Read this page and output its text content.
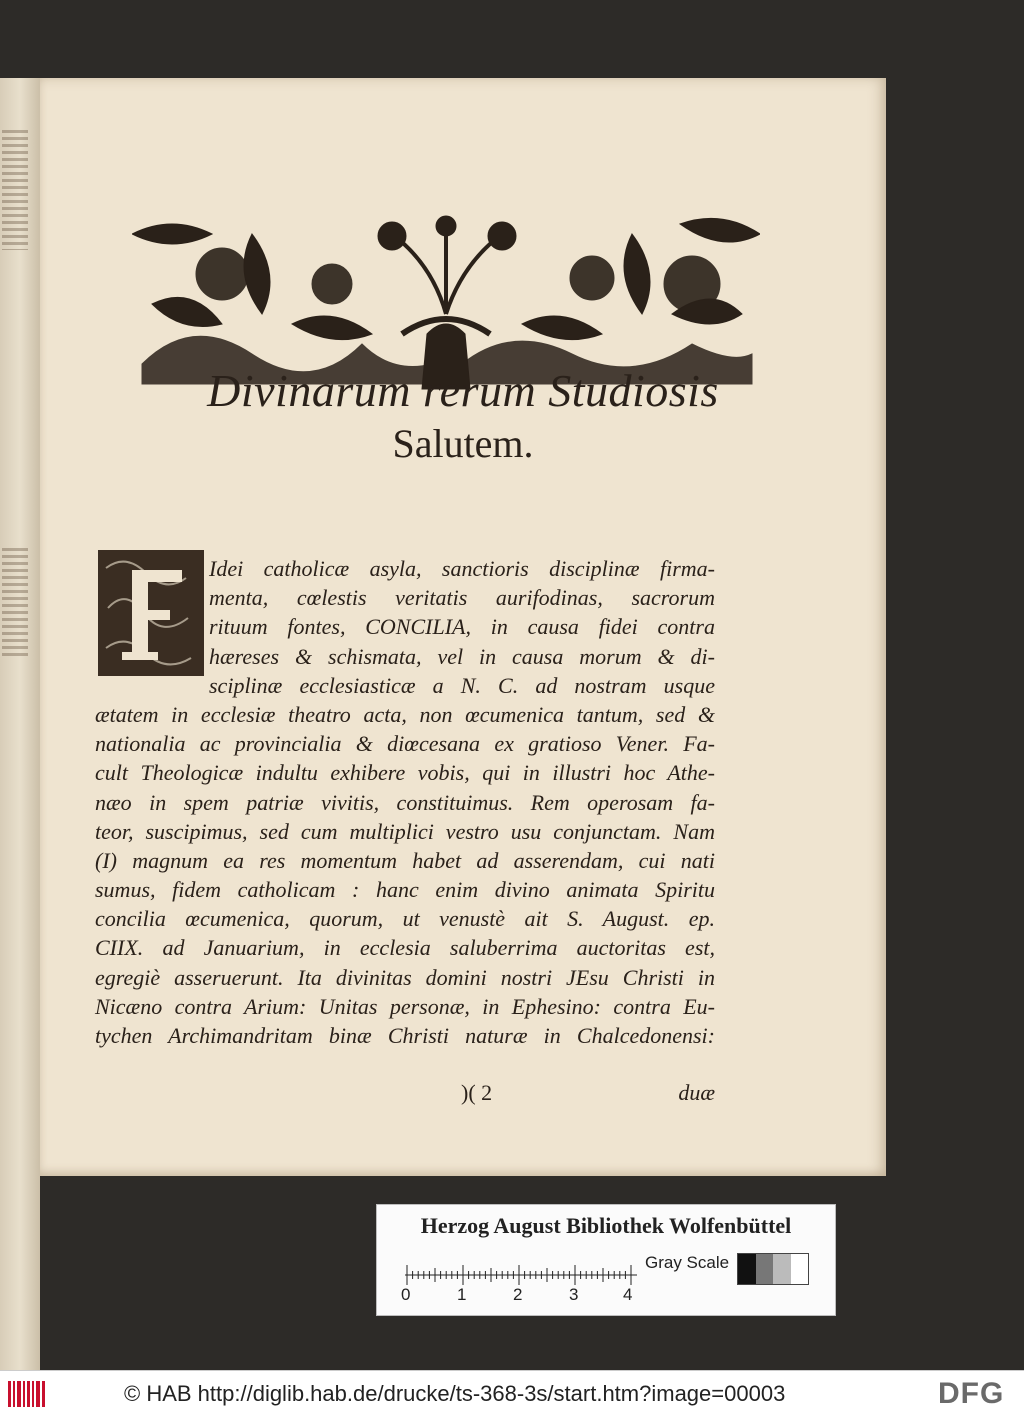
Divinarum rerum Studiosis
Salutem.
Idei catholicæ asyla, sanctioris disciplinæ firma-
menta, cœlestis veritatis aurifodinas, sacrorum
rituum fontes, CONCILIA, in causa fidei contra
hæreses & schismata, vel in causa morum & di-
sciplinæ ecclesiasticæ a N. C. ad nostram usque
ætatem in ecclesiæ theatro acta, non œcumenica tantum, sed &
nationalia ac provincialia & diœcesana ex gratioso Vener. Fa-
cult Theologicæ indultu exhibere vobis, qui in illustri hoc Athe-
næo in spem patriæ vivitis, constituimus. Rem operosam fa-
teor, suscipimus, sed cum multiplici vestro usu conjunctam. Nam
(I) magnum ea res momentum habet ad asserendam, cui nati
sumus, fidem catholicam : hanc enim divino animata Spiritu
concilia œcumenica, quorum, ut venustè ait S. August. ep.
CIIX. ad Januarium, in ecclesia saluberrima auctoritas est,
egregiè asseruerunt. Ita divinitas domini nostri JEsu Christi in
Nicæno contra Arium: Unitas personæ, in Ephesino: contra Eu-
tychen Archimandritam binæ Christi naturæ in Chalcedonensi:
)( 2	duæ
Herzog August Bibliothek Wolfenbüttel
0	1	2	3	4
Gray Scale
© HAB http://diglib.hab.de/drucke/ts-368-3s/start.htm?image=00003	DFG
